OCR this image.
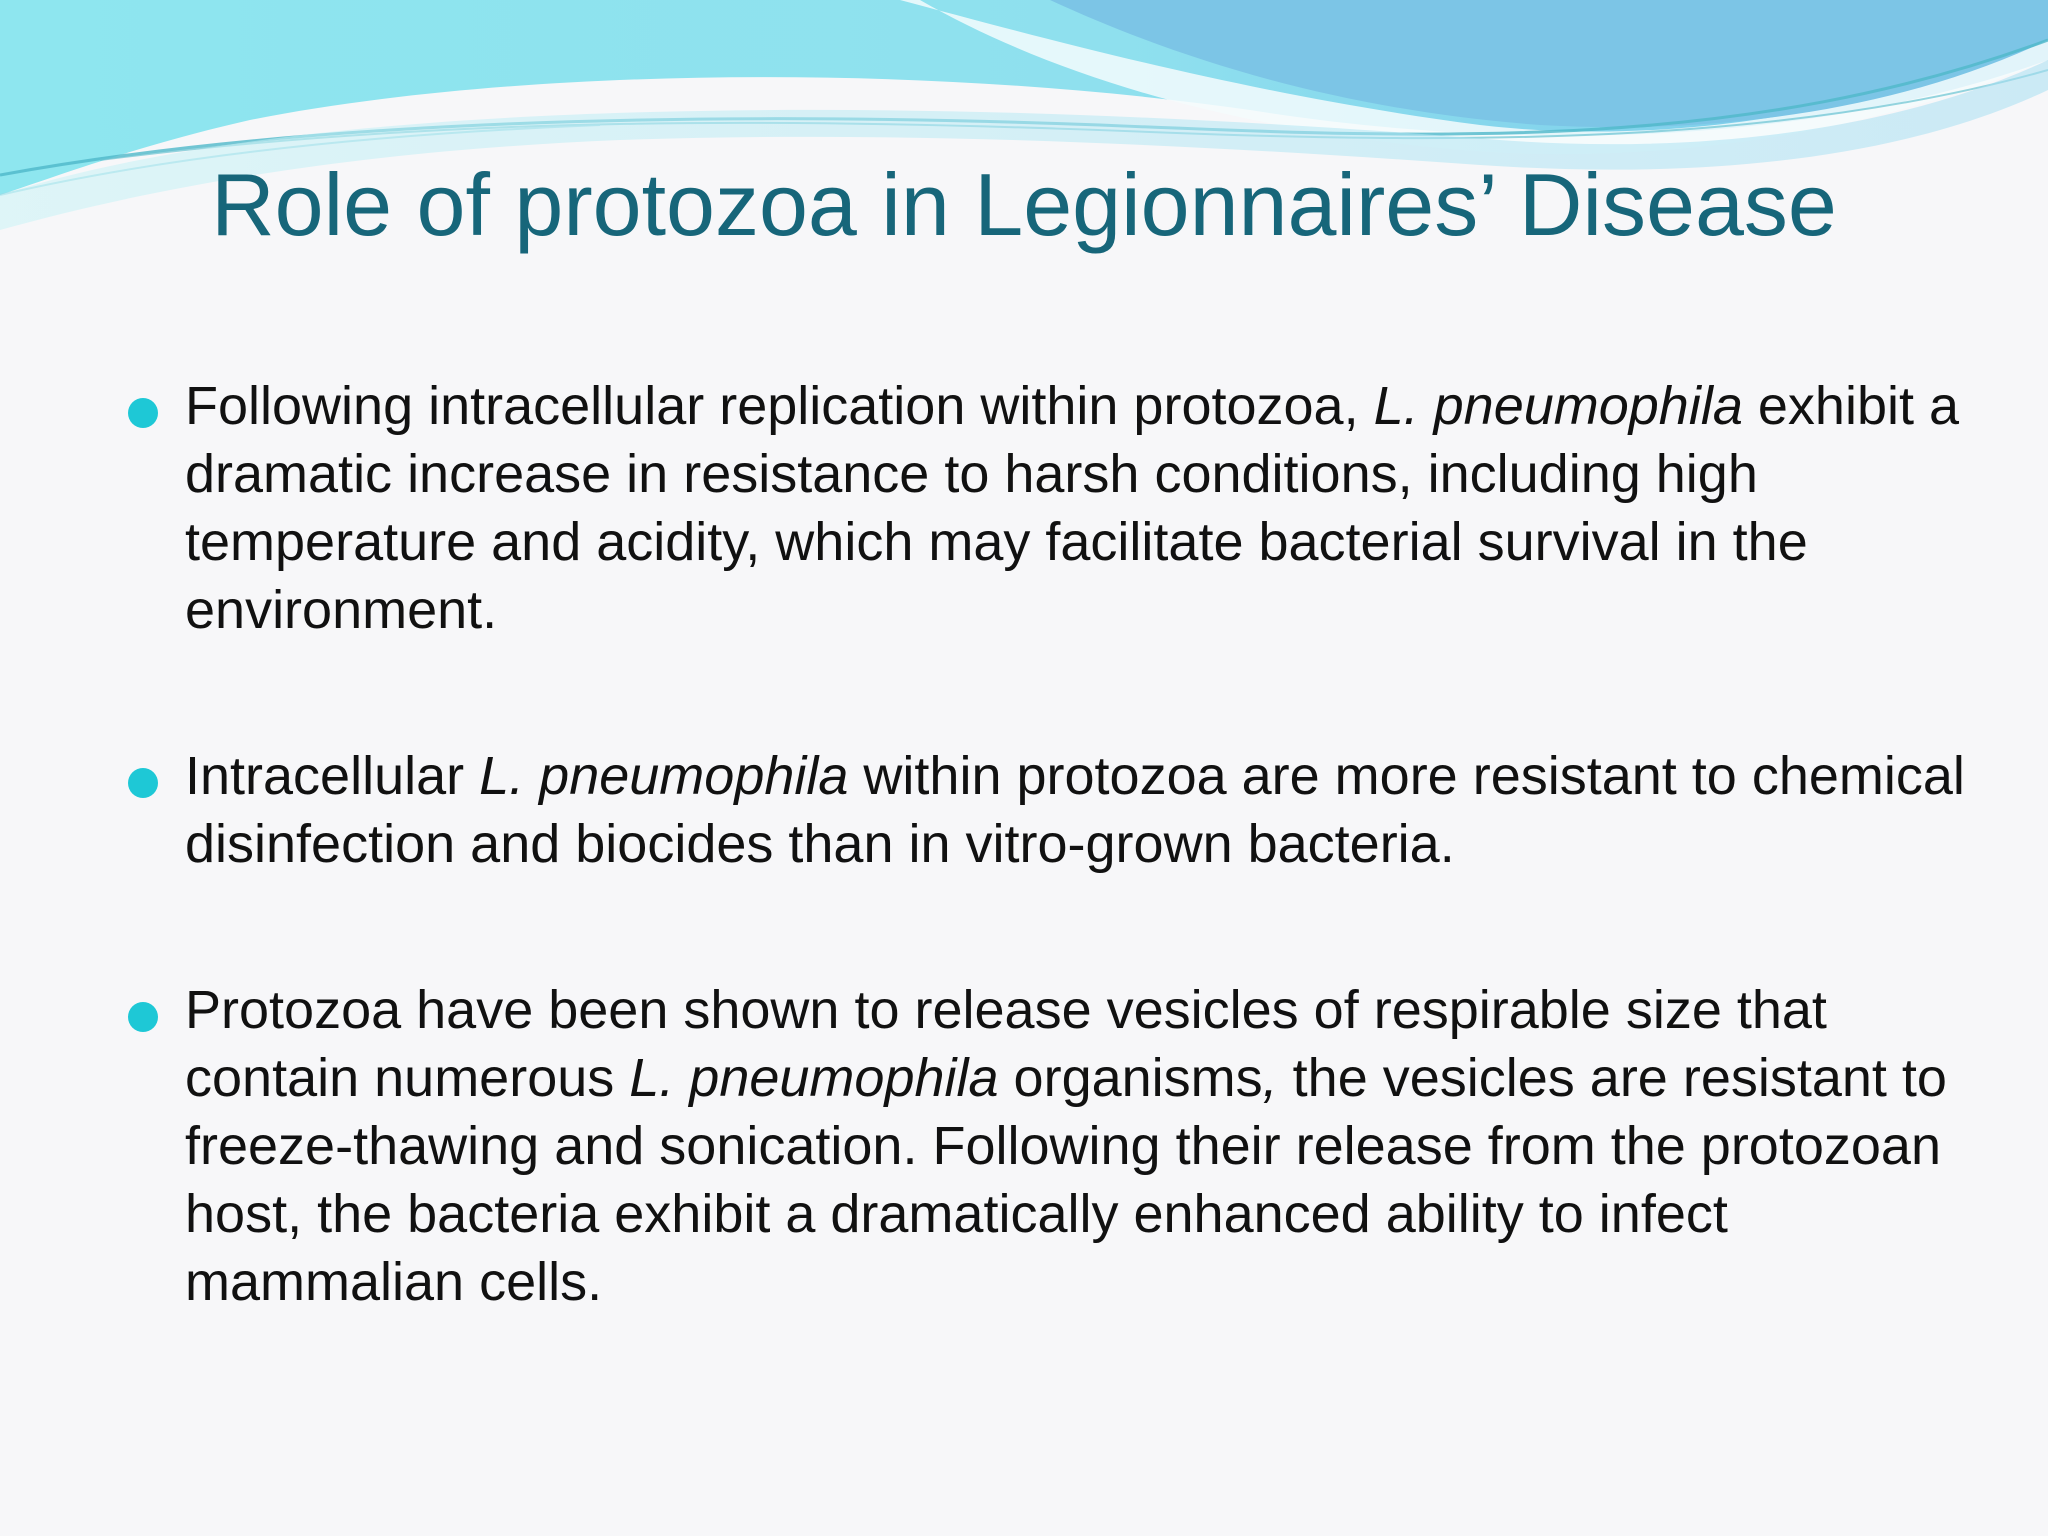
Role of protozoa in Legionnaires’ Disease
Following intracellular replication within protozoa, L. pneumophila exhibit a dramatic increase in resistance to harsh conditions, including high temperature and acidity, which may facilitate bacterial survival in the environment.
Intracellular L. pneumophila within protozoa are more resistant to chemical disinfection and biocides than in vitro-grown bacteria.
Protozoa have been shown to release vesicles of respirable size that contain numerous L. pneumophila organisms, the vesicles are resistant to freeze-thawing and sonication. Following their release from the protozoan host, the bacteria exhibit a dramatically enhanced ability to infect mammalian cells.
